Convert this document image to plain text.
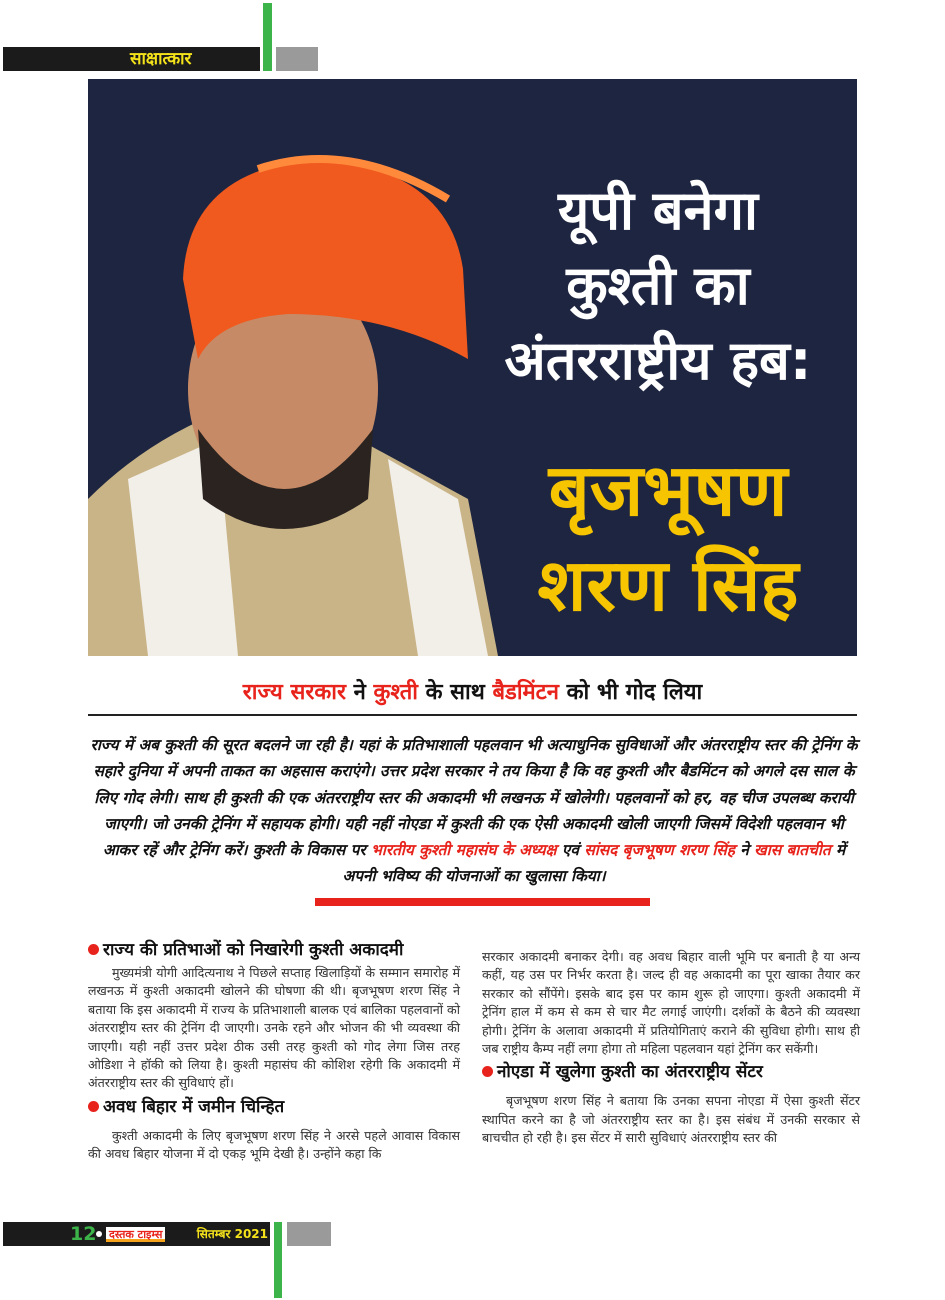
साक्षात्कार
यूपी बनेगा
कुश्ती का
अंतरराष्ट्रीय हब:
बृजभूषण
शरण सिंह
राज्य सरकार ने कुश्ती के साथ बैडमिंटन को भी गोद लिया
राज्य में अब कुश्ती की सूरत बदलने जा रही है। यहां के प्रतिभाशाली पहलवान भी अत्याधुनिक सुविधाओं और अंतरराष्ट्रीय स्तर की ट्रेनिंग के सहारे दुनिया में अपनी ताकत का अहसास कराएंगे। उत्तर प्रदेश सरकार ने तय किया है कि वह कुश्ती और बैडमिंटन को अगले दस साल के लिए गोद लेगी। साथ ही कुश्ती की एक अंतरराष्ट्रीय स्तर की अकादमी भी लखनऊ में खोलेगी। पहलवानों को हर, वह चीज उपलब्ध करायी जाएगी। जो उनकी ट्रेनिंग में सहायक होगी। यही नहीं नोएडा में कुश्ती की एक ऐसी अकादमी खोली जाएगी जिसमें विदेशी पहलवान भी आकर रहें और ट्रेनिंग करें। कुश्ती के विकास पर भारतीय कुश्ती महासंघ के अध्यक्ष एवं सांसद बृजभूषण शरण सिंह ने खास बातचीत में अपनी भविष्य की योजनाओं का खुलासा किया।
राज्य की प्रतिभाओं को निखारेगी कुश्ती अकादमी

मुख्यमंत्री योगी आदित्यनाथ ने पिछले सप्ताह खिलाड़ियों के सम्मान समारोह में लखनऊ में कुश्ती अकादमी खोलने की घोषणा की थी। बृजभूषण शरण सिंह ने बताया कि इस अकादमी में राज्य के प्रतिभाशाली बालक एवं बालिका पहलवानों को अंतरराष्ट्रीय स्तर की ट्रेनिंग दी जाएगी। उनके रहने और भोजन की भी व्यवस्था की जाएगी। यही नहीं उत्तर प्रदेश ठीक उसी तरह कुश्ती को गोद लेगा जिस तरह ओडिशा ने हॉकी को लिया है। कुश्ती महासंघ की कोशिश रहेगी कि अकादमी में अंतरराष्ट्रीय स्तर की सुविधाएं हों।

अवध बिहार में जमीन चिन्हित

कुश्ती अकादमी के लिए बृजभूषण शरण सिंह ने अरसे पहले आवास विकास की अवध बिहार योजना में दो एकड़ भूमि देखी है। उन्होंने कहा कि

सरकार अकादमी बनाकर देगी। वह अवध बिहार वाली भूमि पर बनाती है या अन्य कहीं, यह उस पर निर्भर करता है। जल्द ही वह अकादमी का पूरा खाका तैयार कर सरकार को सौंपेंगे। इसके बाद इस पर काम शुरू हो जाएगा। कुश्ती अकादमी में ट्रेनिंग हाल में कम से कम से चार मैट लगाई जाएंगी। दर्शकों के बैठने की व्यवस्था होगी। ट्रेनिंग के अलावा अकादमी में प्रतियोगिताएं कराने की सुविधा होगी। साथ ही जब राष्ट्रीय कैम्प नहीं लगा होगा तो महिला पहलवान यहां ट्रेनिंग कर सकेंगी।

नोएडा में खुलेगा कुश्ती का अंतरराष्ट्रीय सेंटर

बृजभूषण शरण सिंह ने बताया कि उनका सपना नोएडा में ऐसा कुश्ती सेंटर स्थापित करने का है जो अंतरराष्ट्रीय स्तर का है। इस संबंध में उनकी सरकार से बाचचीत हो रही है। इस सेंटर में सारी सुविधाएं अंतरराष्ट्रीय स्तर की

12 दस्तक टाइम्स	सितम्बर 2021
